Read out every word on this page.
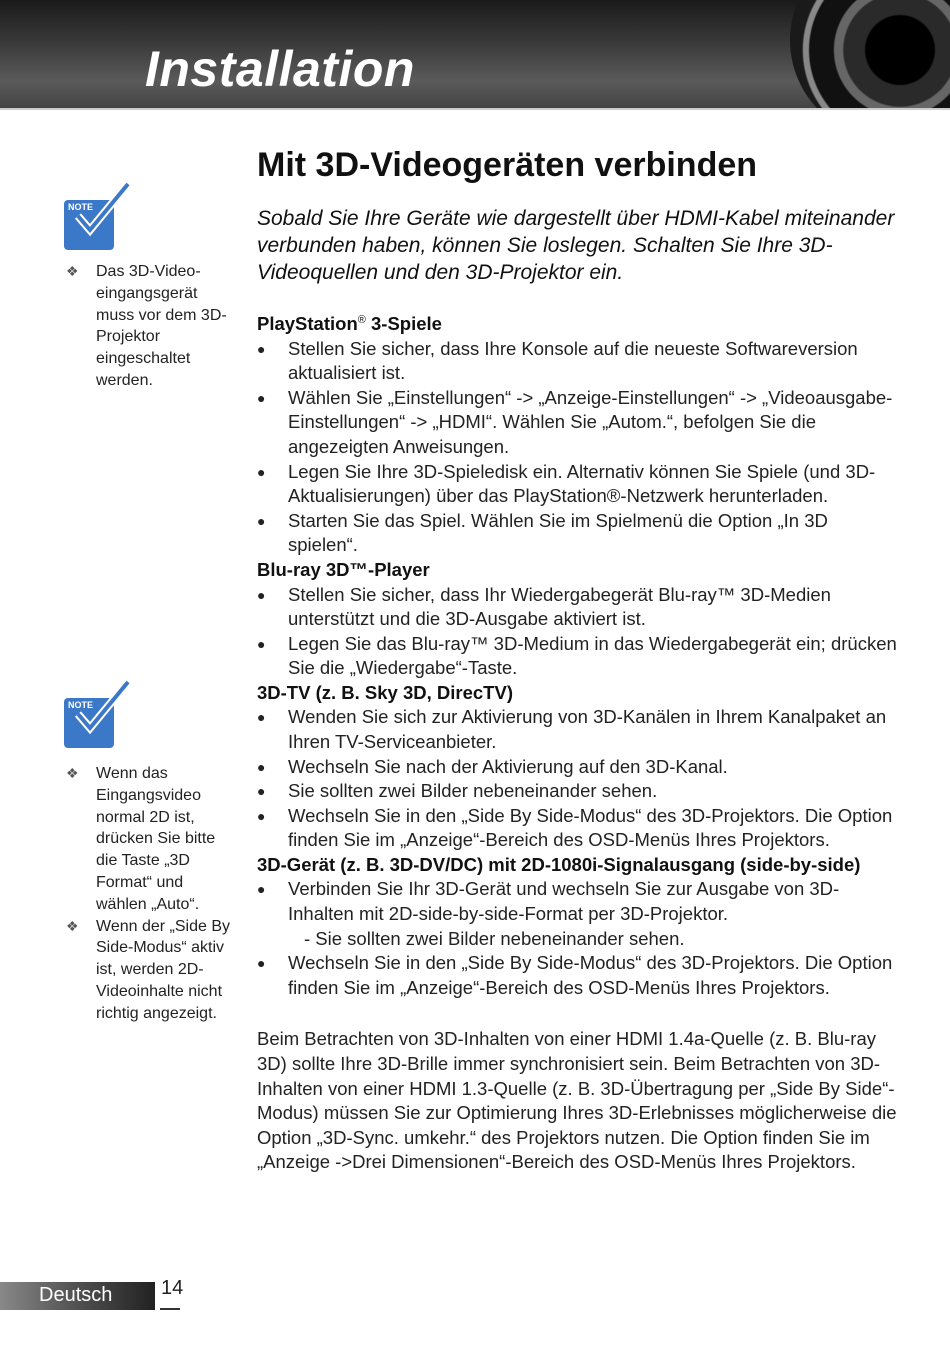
Installation
NOTE
❖ Das 3D-Video-eingangsgerät muss vor dem 3D-Projektor eingeschaltet werden.
NOTE
❖ Wenn das Eingangsvideo normal 2D ist, drücken Sie bitte die Taste „3D Format“ und wählen „Auto“.
❖ Wenn der „Side By Side-Modus“ aktiv ist, werden 2D-Videoinhalte nicht richtig angezeigt.
Mit 3D-Videogeräten verbinden
Sobald Sie Ihre Geräte wie dargestellt über HDMI-Kabel miteinander verbunden haben, können Sie loslegen. Schalten Sie Ihre 3D-Videoquellen und den 3D-Projektor ein.
PlayStation® 3-Spiele
● Stellen Sie sicher, dass Ihre Konsole auf die neueste Softwareversion aktualisiert ist.
● Wählen Sie „Einstellungen“ -> „Anzeige-Einstellungen“ -> „Videoausgabe-Einstellungen“ -> „HDMI“. Wählen Sie „Autom.“, befolgen Sie die angezeigten Anweisungen.
● Legen Sie Ihre 3D-Spieledisk ein. Alternativ können Sie Spiele (und 3D-Aktualisierungen) über das PlayStation®-Netzwerk herunterladen.
● Starten Sie das Spiel. Wählen Sie im Spielmenü die Option „In 3D spielen“.
Blu-ray 3D™-Player
● Stellen Sie sicher, dass Ihr Wiedergabegerät Blu-ray™ 3D-Medien unterstützt und die 3D-Ausgabe aktiviert ist.
● Legen Sie das Blu-ray™ 3D-Medium in das Wiedergabegerät ein; drücken Sie die „Wiedergabe“-Taste.
3D-TV (z. B. Sky 3D, DirecTV)
● Wenden Sie sich zur Aktivierung von 3D-Kanälen in Ihrem Kanalpaket an Ihren TV-Serviceanbieter.
● Wechseln Sie nach der Aktivierung auf den 3D-Kanal.
● Sie sollten zwei Bilder nebeneinander sehen.
● Wechseln Sie in den „Side By Side-Modus“ des 3D-Projektors. Die Option finden Sie im „Anzeige“-Bereich des OSD-Menüs Ihres Projektors.
3D-Gerät (z. B. 3D-DV/DC) mit 2D-1080i-Signalausgang (side-by-side)
● Verbinden Sie Ihr 3D-Gerät und wechseln Sie zur Ausgabe von 3D-Inhalten mit 2D-side-by-side-Format per 3D-Projektor.
- Sie sollten zwei Bilder nebeneinander sehen.
● Wechseln Sie in den „Side By Side-Modus“ des 3D-Projektors. Die Option finden Sie im „Anzeige“-Bereich des OSD-Menüs Ihres Projektors.
Beim Betrachten von 3D-Inhalten von einer HDMI 1.4a-Quelle (z. B. Blu-ray 3D) sollte Ihre 3D-Brille immer synchronisiert sein. Beim Betrachten von 3D-Inhalten von einer HDMI 1.3-Quelle (z. B. 3D-Übertragung per „Side By Side“-Modus) müssen Sie zur Optimierung Ihres 3D-Erlebnisses möglicherweise die Option „3D-Sync. umkehr.“ des Projektors nutzen. Die Option finden Sie im „Anzeige ->Drei Dimensionen“-Bereich des OSD-Menüs Ihres Projektors.
Deutsch 14
